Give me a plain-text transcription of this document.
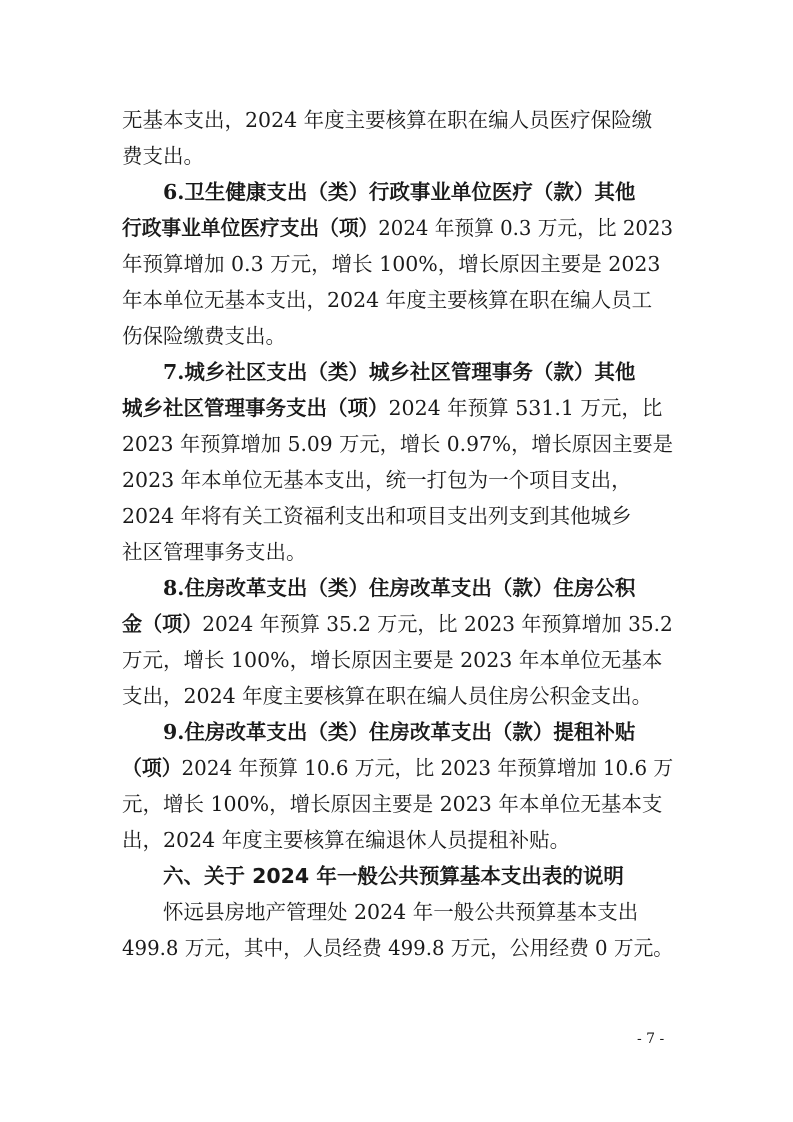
无基本支出，2024 年度主要核算在职在编人员医疗保险缴
费支出。
6.卫生健康支出（类）行政事业单位医疗（款）其他
行政事业单位医疗支出（项）2024 年预算 0.3 万元，比 2023
年预算增加 0.3 万元，增长 100%，增长原因主要是 2023
年本单位无基本支出，2024 年度主要核算在职在编人员工
伤保险缴费支出。
7.城乡社区支出（类）城乡社区管理事务（款）其他
城乡社区管理事务支出（项）2024 年预算 531.1 万元，比
2023 年预算增加 5.09 万元，增长 0.97%，增长原因主要是
2023 年本单位无基本支出，统一打包为一个项目支出，
2024 年将有关工资福利支出和项目支出列支到其他城乡
社区管理事务支出。
8.住房改革支出（类）住房改革支出（款）住房公积
金（项）2024 年预算 35.2 万元，比 2023 年预算增加 35.2
万元，增长 100%，增长原因主要是 2023 年本单位无基本
支出，2024 年度主要核算在职在编人员住房公积金支出。
9.住房改革支出（类）住房改革支出（款）提租补贴
（项）2024 年预算 10.6 万元，比 2023 年预算增加 10.6 万
元，增长 100%，增长原因主要是 2023 年本单位无基本支
出，2024 年度主要核算在编退休人员提租补贴。
六、关于 2024 年一般公共预算基本支出表的说明
怀远县房地产管理处 2024 年一般公共预算基本支出
499.8 万元，其中，人员经费 499.8 万元，公用经费 0 万元。
- 7 -
